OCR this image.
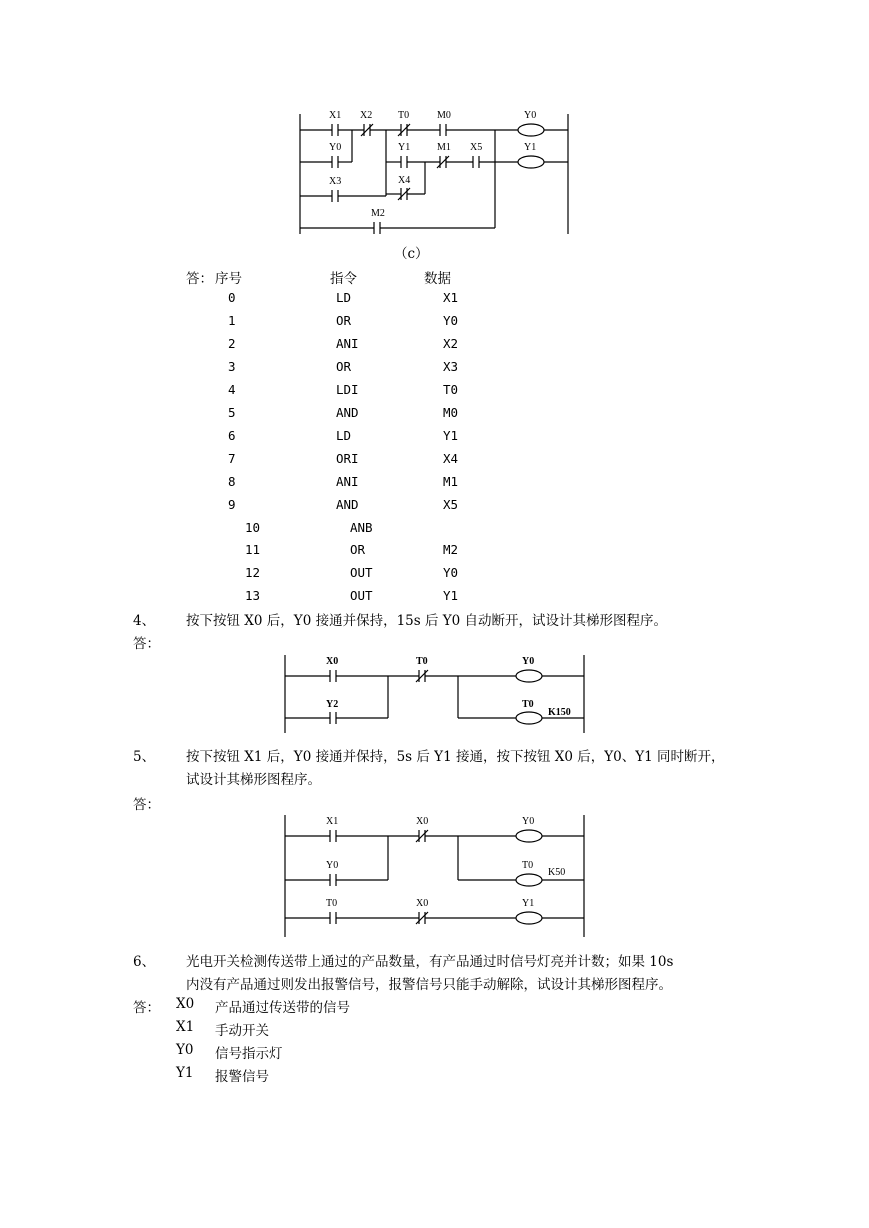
X1 X2	T0	M0	Y0
Y0	Y1	M1 X5	Y1
X3	X4
M2
（c）
答： 序号	指令	数据
0	LD	X1
1	OR	Y0
2	ANI	X2
3	OR	X3
4	LDI	T0
5	AND	M0
6	LD	Y1
7	ORI	X4
8	ANI	M1
9	AND	X5
10	ANB
11	OR	M2
12	OUT	Y0
13	OUT	Y1
4、 按下按钮 X0 后，Y0 接通并保持，15s 后 Y0 自动断开，试设计其梯形图程序。
答：
X0	T0	Y0
Y2	T0
K150
5、 按下按钮 X1 后，Y0 接通并保持，5s 后 Y1 接通，按下按钮 X0 后，Y0、Y1 同时断开，
试设计其梯形图程序。
答：
X1	X0	Y0
Y0	T0
K50
T0	X0	Y1
6、 光电开关检测传送带上通过的产品数量，有产品通过时信号灯亮并计数；如果 10s
内没有产品通过则发出报警信号，报警信号只能手动解除，试设计其梯形图程序。
答： X0 产品通过传送带的信号
X1 手动开关
Y0 信号指示灯
Y1 报警信号
